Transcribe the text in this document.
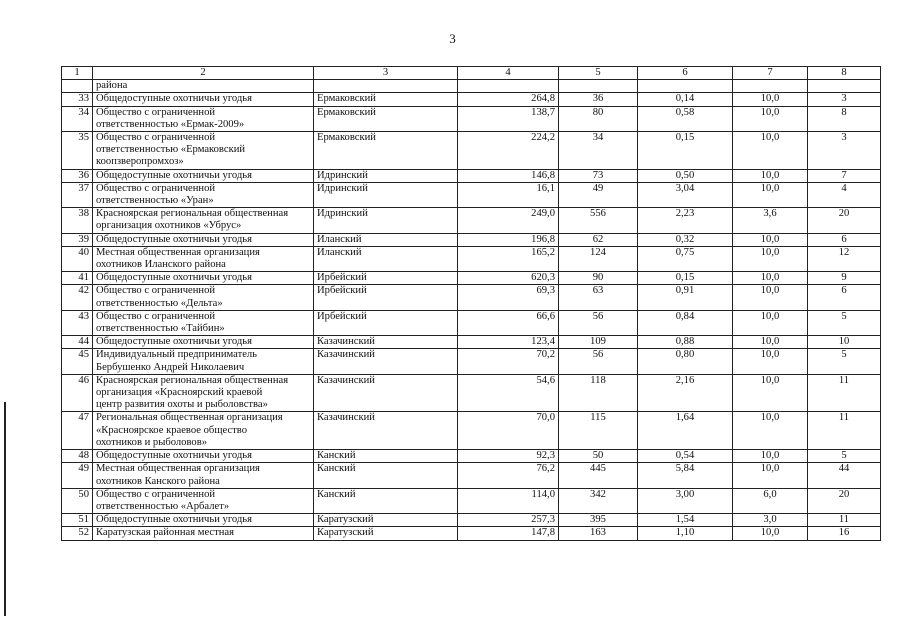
3
1	2	3	4	5	6	7	8
	района						
33	Общедоступные охотничьи угодья	Ермаковский	264,8	36	0,14	10,0	3
34	Общество с ограниченной
ответственностью «Ермак-2009»	Ермаковский	138,7	80	0,58	10,0	8
35	Общество с ограниченной
ответственностью «Ермаковский
коопзверопромхоз»	Ермаковский	224,2	34	0,15	10,0	3
36	Общедоступные охотничьи угодья	Идринский	146,8	73	0,50	10,0	7
37	Общество с ограниченной
ответственностью «Уран»	Идринский	16,1	49	3,04	10,0	4
38	Красноярская региональная общественная
организация охотников «Убрус»	Идринский	249,0	556	2,23	3,6	20
39	Общедоступные охотничьи угодья	Иланский	196,8	62	0,32	10,0	6
40	Местная общественная организация
охотников Иланского района	Иланский	165,2	124	0,75	10,0	12
41	Общедоступные охотничьи угодья	Ирбейский	620,3	90	0,15	10,0	9
42	Общество с ограниченной
ответственностью «Дельта»	Ирбейский	69,3	63	0,91	10,0	6
43	Общество с ограниченной
ответственностью «Тайбин»	Ирбейский	66,6	56	0,84	10,0	5
44	Общедоступные охотничьи угодья	Казачинский	123,4	109	0,88	10,0	10
45	Индивидуальный предприниматель
Бербушенко Андрей Николаевич	Казачинский	70,2	56	0,80	10,0	5
46	Красноярская региональная общественная
организация «Красноярский краевой
центр развития охоты и рыболовства»	Казачинский	54,6	118	2,16	10,0	11
47	Региональная общественная организация
«Красноярское краевое общество
охотников и рыболовов»	Казачинский	70,0	115	1,64	10,0	11
48	Общедоступные охотничьи угодья	Канский	92,3	50	0,54	10,0	5
49	Местная общественная организация
охотников Канского района	Канский	76,2	445	5,84	10,0	44
50	Общество с ограниченной
ответственностью «Арбалет»	Канский	114,0	342	3,00	6,0	20
51	Общедоступные охотничьи угодья	Каратузский	257,3	395	1,54	3,0	11
52	Каратузская районная местная	Каратузский	147,8	163	1,10	10,0	16
